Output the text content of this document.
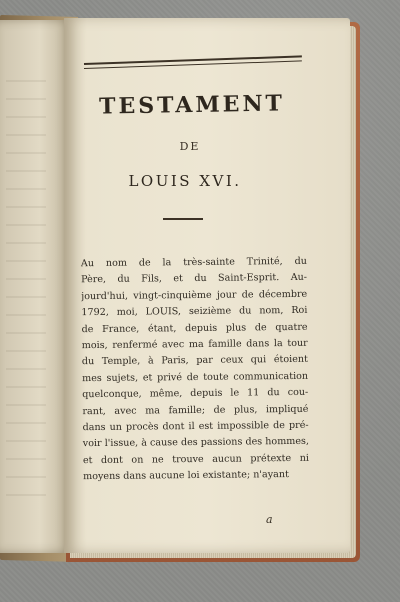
TESTAMENT
DE
LOUIS XVI.
Au nom de la très-sainte Trinité, du
Père, du Fils, et du Saint-Esprit. Au-
jourd'hui, vingt-cinquième jour de décembre
1792, moi, LOUIS, seizième du nom, Roi
de France, étant, depuis plus de quatre
mois, renfermé avec ma famille dans la tour
du Temple, à Paris, par ceux qui étoient
mes sujets, et privé de toute communication
quelconque, même, depuis le 11 du cou-
rant, avec ma famille; de plus, impliqué
dans un procès dont il est impossible de pré-
voir l'issue, à cause des passions des hommes,
et dont on ne trouve aucun prétexte ni
moyens dans aucune loi existante; n'ayant
a
